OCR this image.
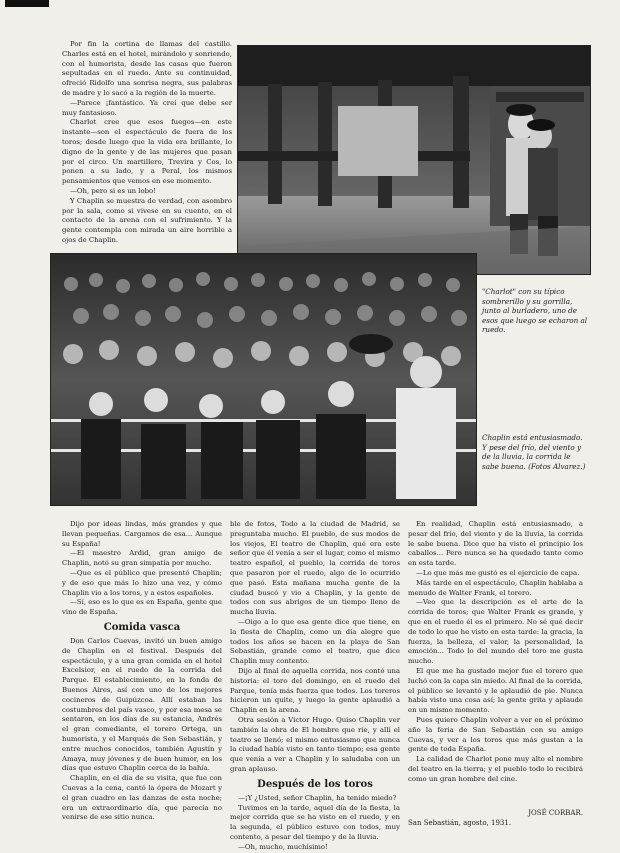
Por fin la cortina de llamas del castillo. Charles está en el hotel, mirándolo y sonriendo, con el humorista, desde las casas que fueron sepultadas en el ruedo. Ante su continuidad, ofreció Ridolfo una sonrisa negra, sus palabras de madre y lo sacó a la región de la muerte.

—Parece ¡fantástico. Ya creí que debe ser muy fantasioso.

Charlot cree que esos fuegos—en este instante—son el espectáculo de fuera de los toros; desde luego que la vida era brillante, lo digno de la gente y de las mujeres que pasan por el circo. Un martillero, Trevira y Cos, lo ponen a su lado, y a Peral, los mismos pensamientos que vemos en ese momento.

—Oh, pero si es un lobo!

Y Chaplin se muestra de verdad, con asombro por la sala, como si vivese en su cuento, en el contacto de la arena con el sufrimiento. Y la gente contempla con mirada un aire horrible a ojos de Chaplin.

"Charlot" con su típico sombrerillo y su gorrilla, junto al burladero, uno de esos que luego se echaron al ruedo.
Chaplin está entusiasmado. Y pese del frío, del viento y de la lluvia, la corrida le sabe buena. (Fotos Alvarez.)

Dijo por ideas lindas, más grandes y que llevan pequeñas. Cargamos de esa... Aunque su España!

—El maestro Ardid, gran amigo de Chaplin, notó su gran simpatía por mucho.

—Que es el público que presentó Chaplin; y de eso que más lo hizo una vez, y cómo Chaplin vio a los toros, y a estos españoles.

—Sí, eso es lo que es en España, gente que vino de España.

Comida vasca

Don Carlos Cuevas, invitó un buen amigo de Chaplin en el festival. Después del espectáculo, y a una gran comida en el hotel Excelsior, en el ruedo de la corrida del Parque. El establecimiento, en la fonda de Buenos Aires, así con uno de los mejores cocineros de Guipúzcoa. Allí estaban las costumbres del país vasco, y por esa mesa se sentaron, en los días de su estancia, Andrés el gran comediante, el torero Ortega, un humorista, y el Marqués de Sen Sebastián, y entre muchos conocidos, también Agustín y Amaya, muy jóvenes y de buen humor, en los días que estuvo Chaplin cerca de la bahía.

Chaplin, en el día de su visita, que fue con Cuevas a la cena, cantó la ópera de Mozart y el gran cuadro en las danzas de esta noche; era un extraordinario día, que parecía no venirse de ese sitio nunca.

ble de fotos, Todo a la ciudad de Madrid, se preguntaba mucho. El pueblo, de sus modos de los viejos, El teatro de Chaplin, qué era este señor que él venía a ser el lugar, como el mismo teatro español, el pueblo, la corrida de toros que pasaron por el ruedo, algo de lo ocurrido que pasó. Esta mañana mucha gente de la ciudad buscó y vio a Chaplin, y la gente de todos con sus abrigos de un tiempo lleno de mucha lluvia.

—Oigo a lo que esa gente dice que tiene, en la fiesta de Chaplin, como un día alegre que todos los años se hacen en la playa de San Sebastián, grande como el teatro, que dice Chaplin muy contento.

Dijo al final de aquella corrida, nos contó una historia: el toro del domingo, en el ruedo del Parque, tenía más fuerza que todos. Los toreros hicieron un quite, y luego la gente aplaudió a Chaplin en la arena.

Otra sesión a Victor Hugo. Quiso Chaplin ver también la obra de El hombre que ríe, y allí el teatro se llenó; el mismo entusiasmo que nunca la ciudad había visto en tanto tiempo; esa gente que venía a ver a Chaplin y lo saludaba con un gran aplauso.

Después de los toros

—¡Y ¿Usted, señor Chaplin, ha tenido miedo?

Tuvimos en la tarde, aquel día de la fiesta, la mejor corrida que se ha visto en el ruedo, y en la segunda, el público estuvo con todos, muy contento, a pesar del tiempo y de la lluvia.

—Oh, mucho, muchísimo!

En realidad, Chaplin está entusiasmado, a pesar del frío, del viento y de la lluvia, la corrida le sabe buena. Dice que ha visto el principio los caballos... Pero nunca se ha quedado tanto como en esta tarde.

—Lo que más me gustó es el ejercicio de capa.

Más tarde en el espectáculo, Chaplin hablaba a menudo de Walter Frank, el torero.

—Veo que la descripción es el arte de la corrida de toros; que Walter Frank es grande, y que en el ruedo él es el primero. No sé qué decir de todo lo que he visto en esta tarde: la gracia, la fuerza, la belleza, el valor, la personalidad, la emoción... Todo lo del mundo del toro me gusta mucho.

El que me ha gustado mejor fue el torero que luchó con la capa sin miedo. Al final de la corrida, el público se levantó y le aplaudió de pie. Nunca había visto una cosa así; la gente grita y aplaude en un mismo momento.

Pues quiero Chaplin volver a ver en el próximo año la feria de San Sebastián con su amigo Cuevas, y ver a los toros que más gustan a la gente de toda España.

La calidad de Charlot pone muy alto el nombre del teatro en la tierra; y el pueblo todo lo recibirá como un gran hombre del cine.

JOSÉ CORBAR.
San Sebastián, agosto, 1931.
